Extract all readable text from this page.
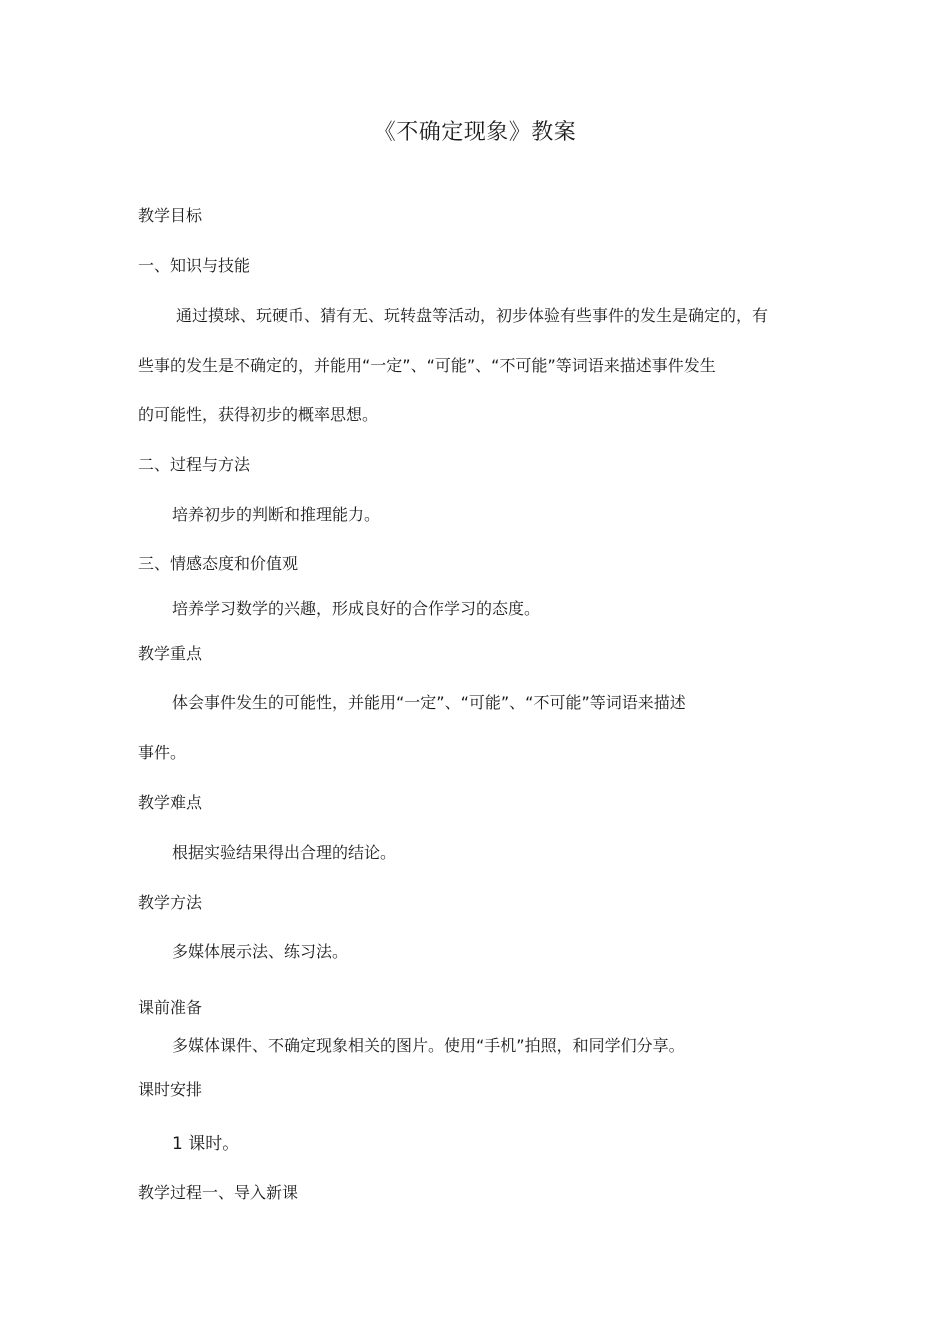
《不确定现象》教案
教学目标
一、知识与技能
通过摸球、玩硬币、猜有无、玩转盘等活动，初步体验有些事件的发生是确定的，有
些事的发生是不确定的，并能用“一定”、“可能”、“不可能”等词语来描述事件发生
的可能性，获得初步的概率思想。
二、过程与方法
培养初步的判断和推理能力。
三、情感态度和价值观
培养学习数学的兴趣，形成良好的合作学习的态度。
教学重点
体会事件发生的可能性，并能用“一定”、“可能”、“不可能”等词语来描述
事件。
教学难点
根据实验结果得出合理的结论。
教学方法
多媒体展示法、练习法。
课前准备
多媒体课件、不确定现象相关的图片。使用“手机”拍照，和同学们分享。
课时安排
1 课时。
教学过程一、导入新课
